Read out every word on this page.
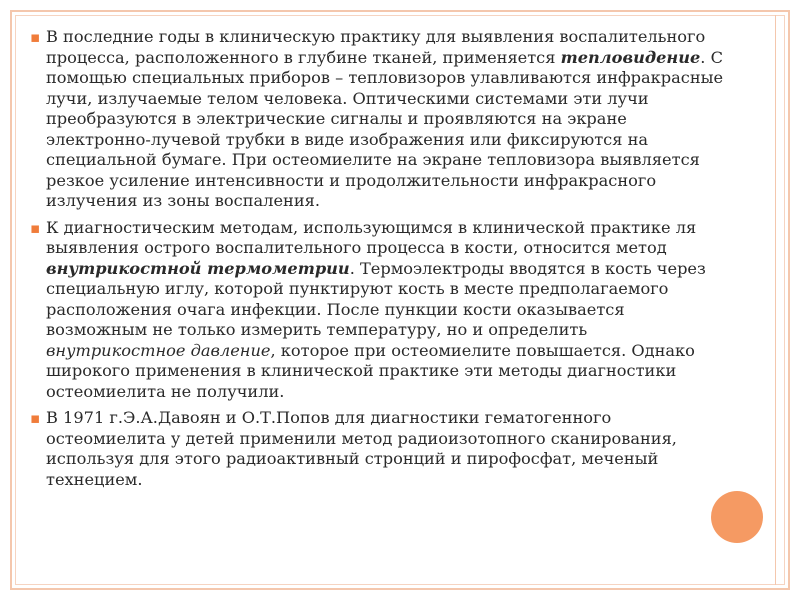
▪ В последние годы в клиническую практику для выявления воспалительного процесса, расположенного в глубине тканей, применяется тепловидение. С помощью специальных приборов – тепловизоров улавливаются инфракрасные лучи, излучаемые телом человека. Оптическими системами эти лучи преобразуются в электрические сигналы и проявляются на экране электронно-лучевой трубки в виде изображения или фиксируются на специальной бумаге. При остеомиелите на экране тепловизора выявляется резкое усиление интенсивности и продолжительности инфракрасного излучения из зоны воспаления.

▪ К диагностическим методам, использующимся в клинической практике ля выявления острого воспалительного процесса в кости, относится метод внутрикостной термометрии. Термоэлектроды вводятся в кость через специальную иглу, которой пунктируют кость в месте предполагаемого расположения очага инфекции. После пункции кости оказывается возможным не только измерить температуру, но и определить внутрикостное давление, которое при остеомиелите повышается. Однако широкого применения в клинической практике эти методы диагностики остеомиелита не получили.

▪ В 1971 г.Э.А.Давоян и О.Т.Попов для диагностики гематогенного остеомиелита у детей применили метод радиоизотопного сканирования, используя для этого радиоактивный стронций и пирофосфат, меченый технецием.
